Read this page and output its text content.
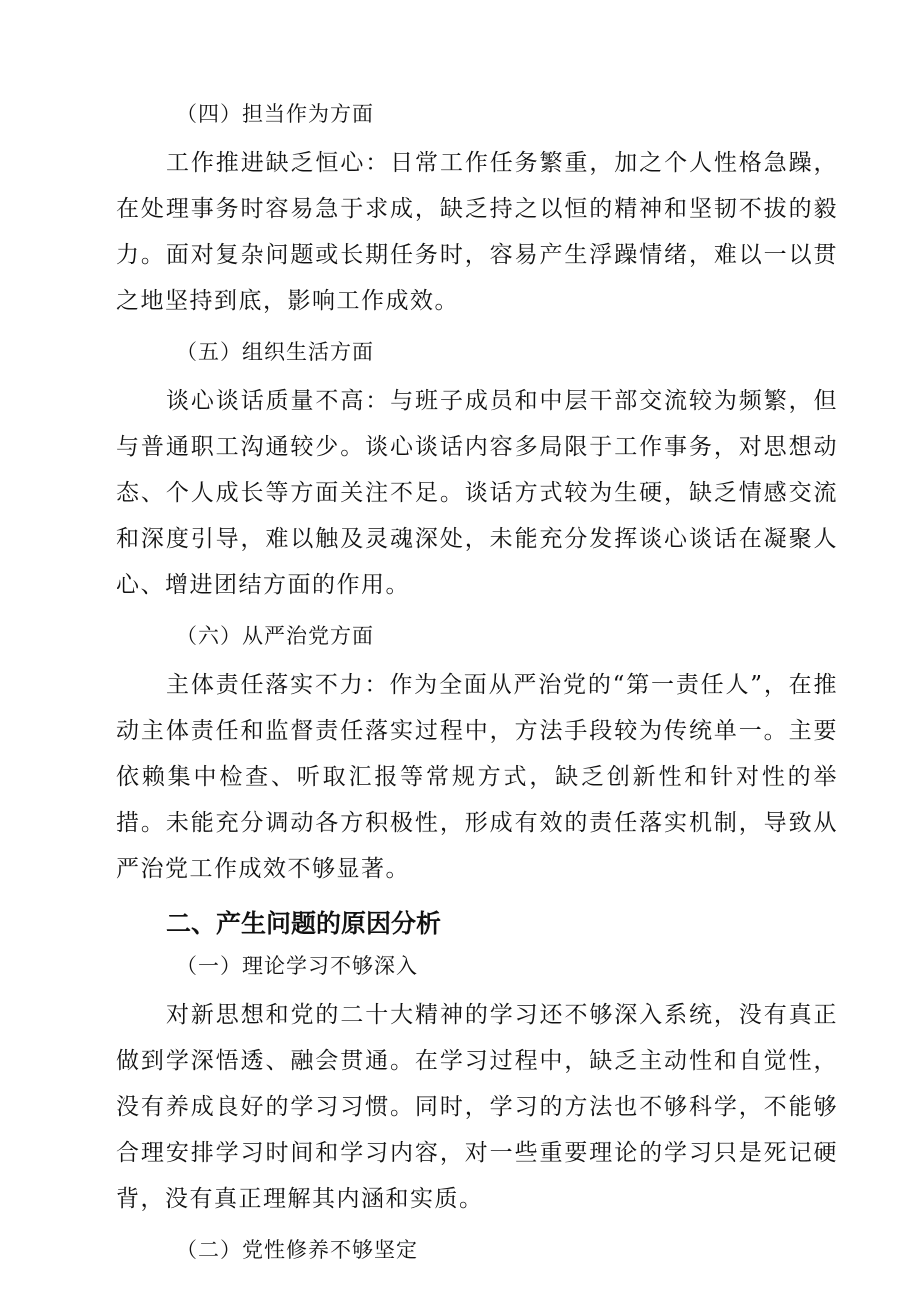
（四）担当作为方面

工作推进缺乏恒心：日常工作任务繁重，加之个人性格急躁，在处理事务时容易急于求成，缺乏持之以恒的精神和坚韧不拔的毅力。面对复杂问题或长期任务时，容易产生浮躁情绪，难以一以贯之地坚持到底，影响工作成效。

（五）组织生活方面

谈心谈话质量不高：与班子成员和中层干部交流较为频繁，但与普通职工沟通较少。谈心谈话内容多局限于工作事务，对思想动态、个人成长等方面关注不足。谈话方式较为生硬，缺乏情感交流和深度引导，难以触及灵魂深处，未能充分发挥谈心谈话在凝聚人心、增进团结方面的作用。

（六）从严治党方面

主体责任落实不力：作为全面从严治党的“第一责任人”，在推动主体责任和监督责任落实过程中，方法手段较为传统单一。主要依赖集中检查、听取汇报等常规方式，缺乏创新性和针对性的举措。未能充分调动各方积极性，形成有效的责任落实机制，导致从严治党工作成效不够显著。

二、产生问题的原因分析
（一）理论学习不够深入

对新思想和党的二十大精神的学习还不够深入系统，没有真正做到学深悟透、融会贯通。在学习过程中，缺乏主动性和自觉性，没有养成良好的学习习惯。同时，学习的方法也不够科学，不能够合理安排学习时间和学习内容，对一些重要理论的学习只是死记硬背，没有真正理解其内涵和实质。

（二）党性修养不够坚定
